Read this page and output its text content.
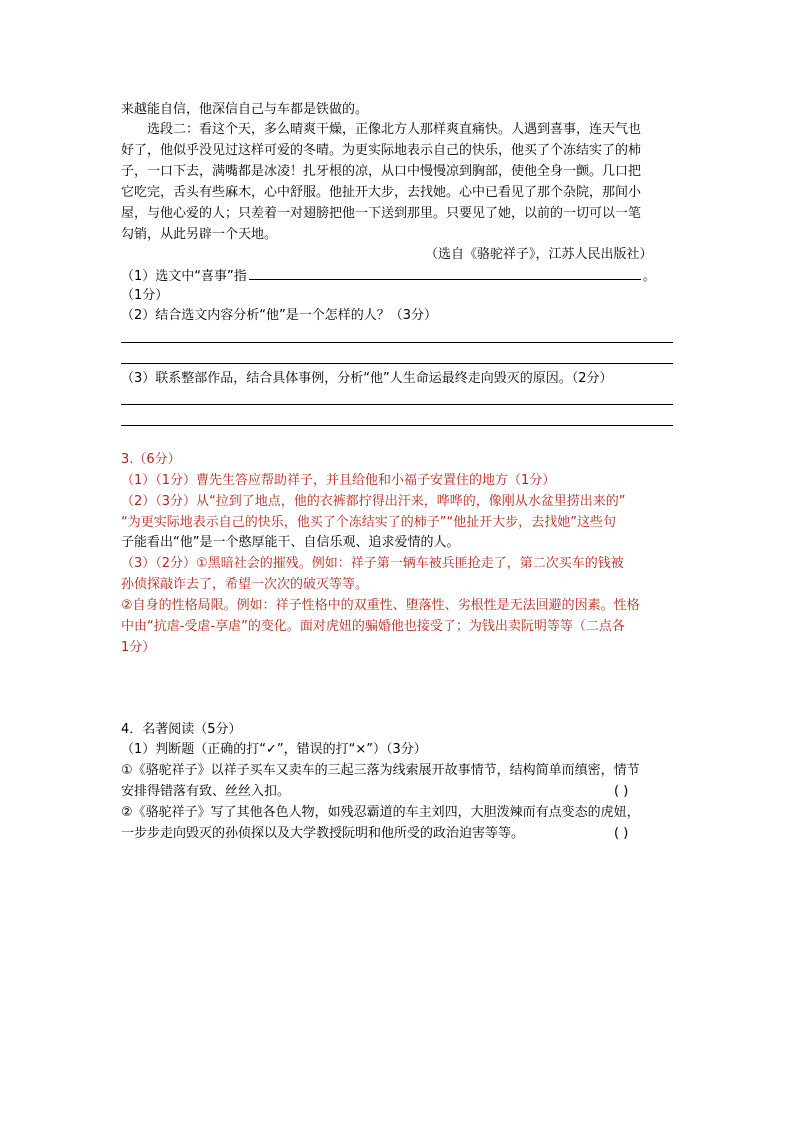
来越能自信，他深信自己与车都是铁做的。
选段二：看这个天，多么晴爽干燥，正像北方人那样爽直痛快。人遇到喜事，连天气也
好了，他似乎没见过这样可爱的冬晴。为更实际地表示自己的快乐，他买了个冻结实了的柿
子，一口下去，满嘴都是冰凌！扎牙根的凉，从口中慢慢凉到胸部，使他全身一颤。几口把
它吃完，舌头有些麻木，心中舒服。他扯开大步，去找她。心中已看见了那个杂院，那间小
屋，与他心爱的人；只差着一对翅膀把他一下送到那里。只要见了她，以前的一切可以一笔
勾销，从此另辟一个天地。
（选自《骆驼祥子》，江苏人民出版社）
（1）选文中“喜事”指	。
（1分）
（2）结合选文内容分析“他”是一个怎样的人？（3分）
（3）联系整部作品，结合具体事例，分析“他”人生命运最终走向毁灭的原因。（2分）
3.（6分）
（1）（1分）曹先生答应帮助祥子，并且给他和小福子安置住的地方（1分）
（2）（3分）从“拉到了地点，他的衣裤都拧得出汗来，哗哗的，像刚从水盆里捞出来的”
“为更实际地表示自己的快乐，他买了个冻结实了的柿子”“他扯开大步，去找她”这些句
子能看出“他”是一个憨厚能干、自信乐观、追求爱情的人。
（3）（2分）①黑暗社会的摧残。例如：祥子第一辆车被兵匪抢走了，第二次买车的钱被
孙侦探敲诈去了，希望一次次的破灭等等。
②自身的性格局限。例如：祥子性格中的双重性、堕落性、劣根性是无法回避的因素。性格
中由“抗虐-受虐-享虐”的变化。面对虎妞的骗婚他也接受了；为钱出卖阮明等等（二点各
1分）
4．名著阅读（5分）
（1）判断题（正确的打“✓”，错误的打“×”）（3分）
①《骆驼祥子》以祥子买车又卖车的三起三落为线索展开故事情节，结构简单而缜密，情节
安排得错落有致、丝丝入扣。	( )
②《骆驼祥子》写了其他各色人物，如残忍霸道的车主刘四，大胆泼辣而有点变态的虎妞，
一步步走向毁灭的孙侦探以及大学教授阮明和他所受的政治迫害等等。	( )
